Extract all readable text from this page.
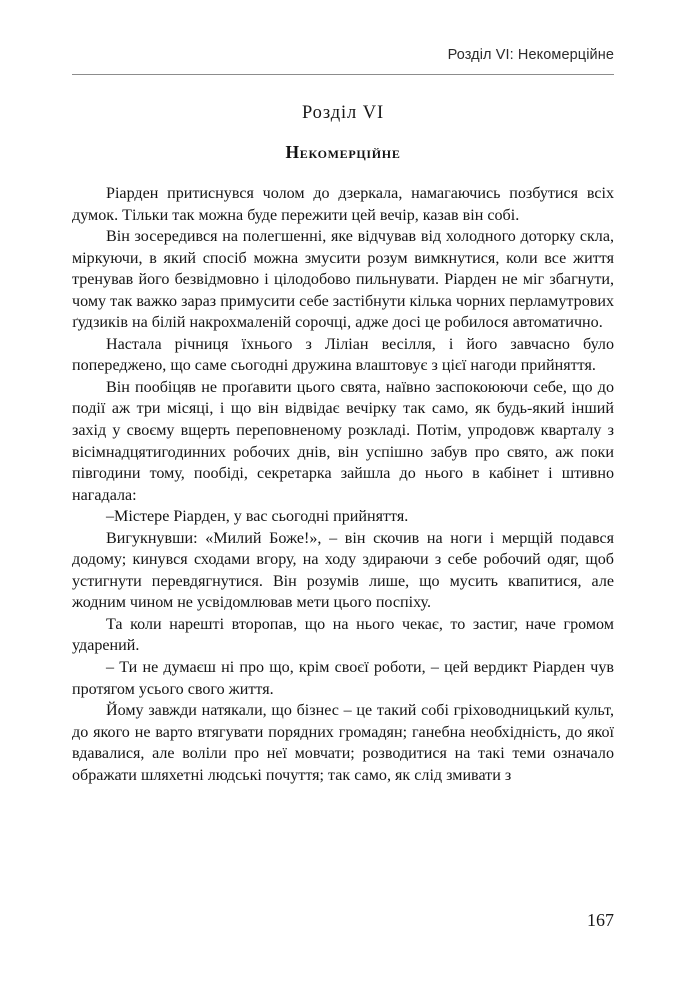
Розділ VI: Некомерційне
Розділ VI
Некомерційне

Ріарден притиснувся чолом до дзеркала, намагаючись позбутися всіх думок. Тільки так можна буде пережити цей вечір, казав він собі.

Він зосередився на полегшенні, яке відчував від холодного доторку скла, міркуючи, в який спосіб можна змусити розум вимкнутися, коли все життя тренував його безвідмовно і цілодобово пильнувати. Ріарден не міг збагнути, чому так важко зараз примусити себе застібнути кілька чорних перламутрових ґудзиків на білій накрохмаленій сорочці, адже досі це робилося автоматично.

Настала річниця їхнього з Ліліан весілля, і його завчасно було попереджено, що саме сьогодні дружина влаштовує з цієї нагоди прийняття.

Він пообіцяв не проґавити цього свята, наївно заспокоюючи себе, що до події аж три місяці, і що він відвідає вечірку так само, як будь-який інший захід у своєму вщерть переповненому розкладі. Потім, упродовж кварталу з вісімнадцятигодинних робочих днів, він успішно забув про свято, аж поки півгодини тому, пообіді, секретарка зайшла до нього в кабінет і штивно нагадала:

–Містере Ріарден, у вас сьогодні прийняття.

Вигукнувши: «Милий Боже!», – він скочив на ноги і мерщій подався додому; кинувся сходами вгору, на ходу здираючи з себе робочий одяг, щоб устигнути перевдягнутися. Він розумів лише, що мусить квапитися, але жодним чином не усвідомлював мети цього поспіху.

Та коли нарешті второпав, що на нього чекає, то застиг, наче громом ударений.

– Ти не думаєш ні про що, крім своєї роботи, – цей вердикт Ріарден чув протягом усього свого життя.

Йому завжди натякали, що бізнес – це такий собі гріховодницький культ, до якого не варто втягувати порядних громадян; ганебна необхідність, до якої вдавалися, але воліли про неї мовчати; розводитися на такі теми означало ображати шляхетні людські почуття; так само, як слід змивати з

167
